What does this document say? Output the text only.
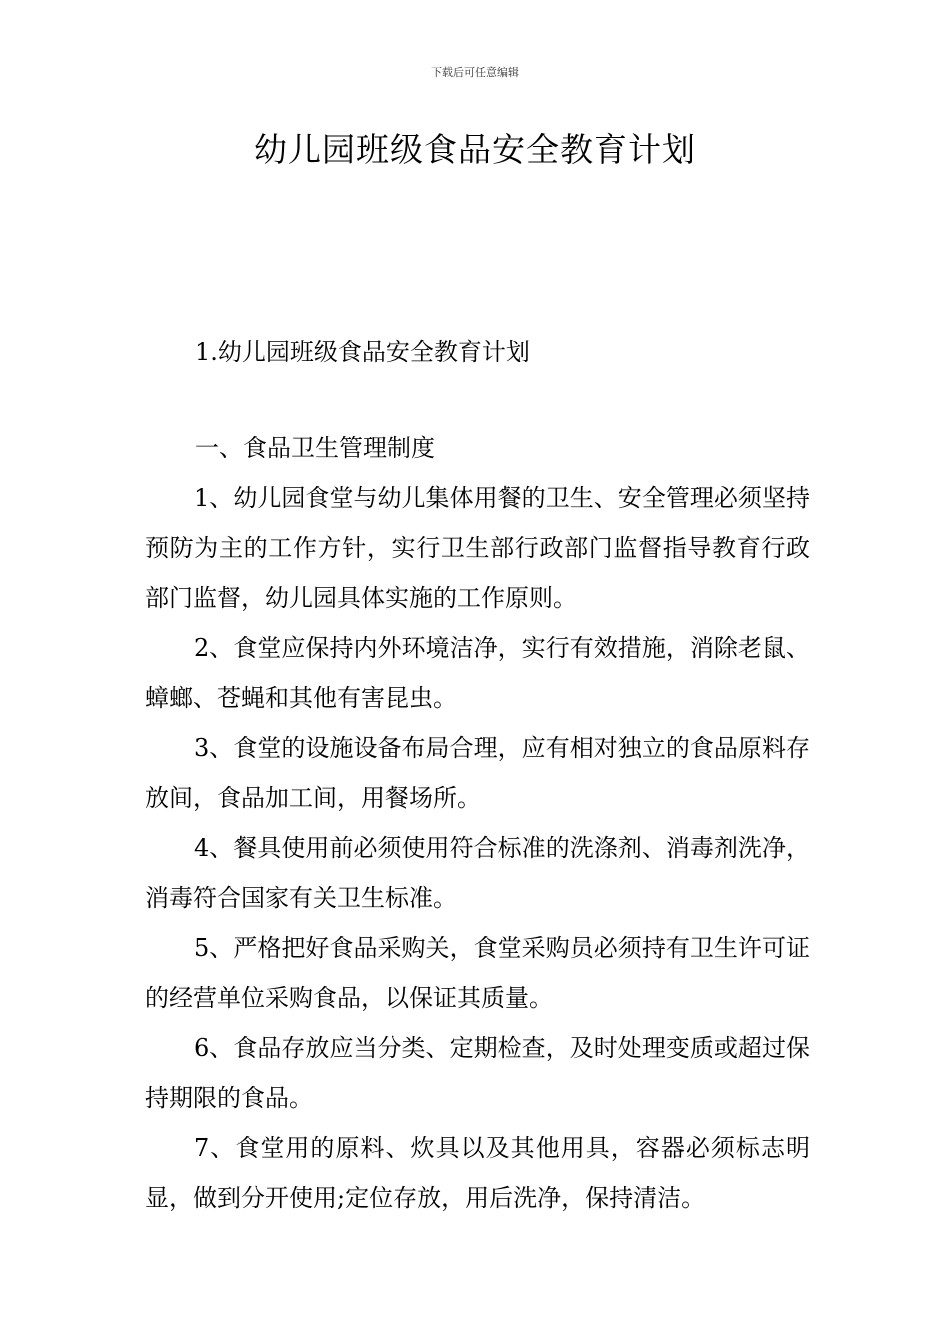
下载后可任意编辑
幼儿园班级食品安全教育计划

1.幼儿园班级食品安全教育计划

一、食品卫生管理制度

1、幼儿园食堂与幼儿集体用餐的卫生、安全管理必须坚持预防为主的工作方针，实行卫生部行政部门监督指导教育行政部门监督，幼儿园具体实施的工作原则。
2、食堂应保持内外环境洁净，实行有效措施，消除老鼠、蟑螂、苍蝇和其他有害昆虫。
3、食堂的设施设备布局合理，应有相对独立的食品原料存放间，食品加工间，用餐场所。
4、餐具使用前必须使用符合标准的洗涤剂、消毒剂洗净，消毒符合国家有关卫生标准。
5、严格把好食品采购关，食堂采购员必须持有卫生许可证的经营单位采购食品，以保证其质量。
6、食品存放应当分类、定期检查，及时处理变质或超过保持期限的食品。
7、食堂用的原料、炊具以及其他用具，容器必须标志明显，做到分开使用;定位存放，用后洗净，保持清洁。
